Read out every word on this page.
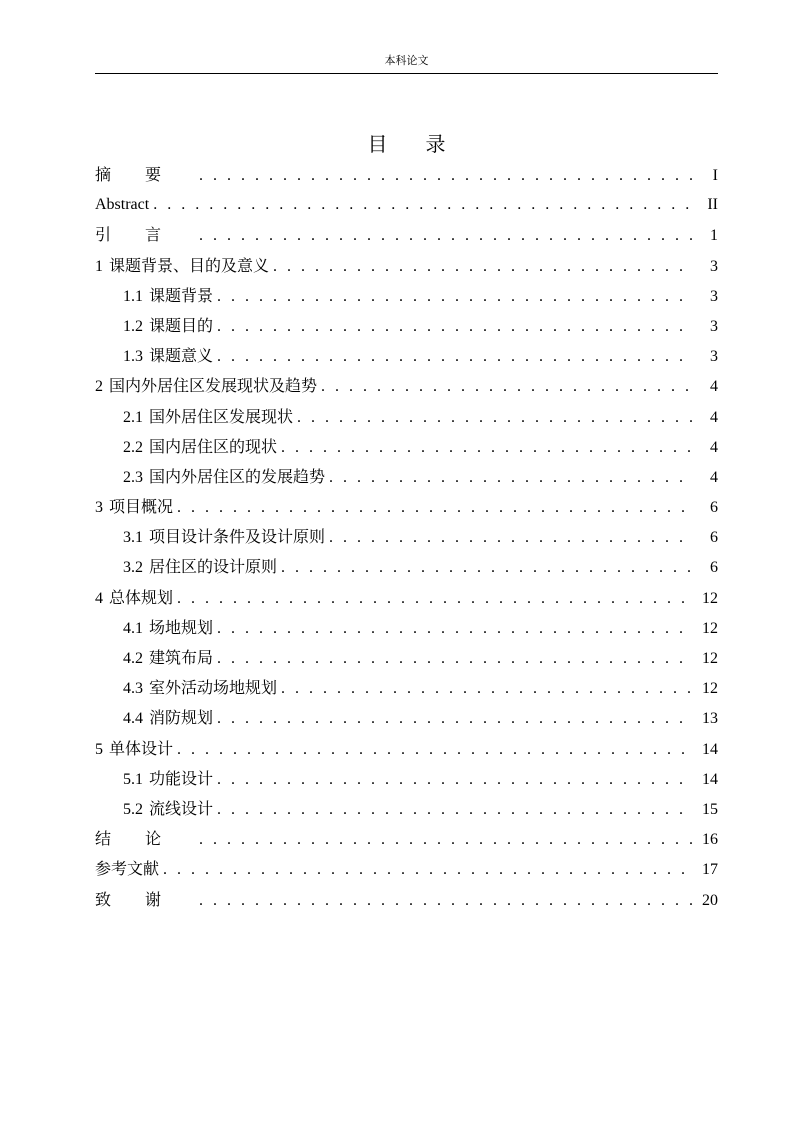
本科论文
目录
摘要 . . .	I
Abstract . . .	II
引言 . . .	1
1 课题背景、目的及意义 . . .	3
1.1 课题背景 . . .	3
1.2 课题目的 . . .	3
1.3 课题意义 . . .	3
2 国内外居住区发展现状及趋势 . . .	4
2.1 国外居住区发展现状 . . .	4
2.2 国内居住区的现状 . . .	4
2.3 国内外居住区的发展趋势 . . .	4
3 项目概况 . . .	6
3.1 项目设计条件及设计原则 . . .	6
3.2 居住区的设计原则 . . .	6
4 总体规划 . . .	12
4.1 场地规划 . . .	12
4.2 建筑布局 . . .	12
4.3 室外活动场地规划 . . .	12
4.4 消防规划 . . .	13
5 单体设计 . . .	14
5.1 功能设计 . . .	14
5.2 流线设计 . . .	15
结论 . . .	16
参考文献 . . .	17
致谢 . . .	20
